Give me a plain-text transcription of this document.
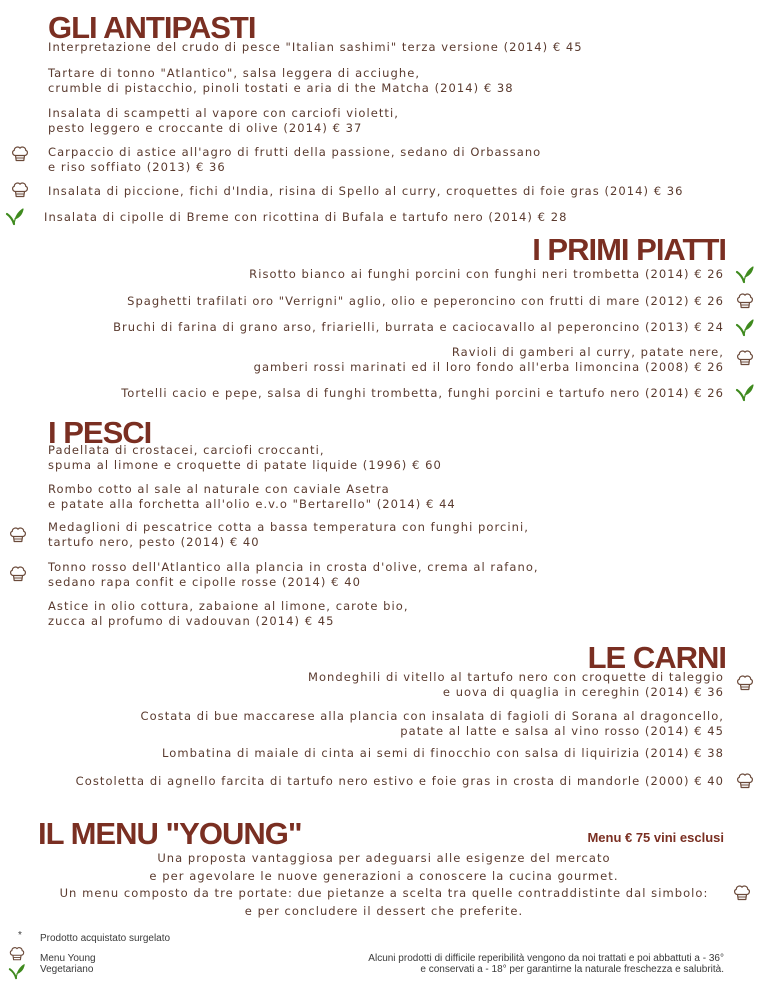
GLI ANTIPASTI

Interpretazione del crudo di pesce "Italian sashimi" terza versione (2014) € 45

Tartare di tonno "Atlantico", salsa leggera di acciughe,
crumble di pistacchio, pinoli tostati e aria di the Matcha (2014) € 38

Insalata di scampetti al vapore con carciofi violetti,
pesto leggero e croccante di olive (2014) € 37

Carpaccio di astice all'agro di frutti della passione, sedano di Orbassano
e riso soffiato (2013) € 36

Insalata di piccione, fichi d'India, risina di Spello al curry, croquettes di foie gras (2014) € 36

Insalata di cipolle di Breme con ricottina di Bufala e tartufo nero (2014) € 28

I PRIMI PIATTI

Risotto bianco ai funghi porcini con funghi neri trombetta (2014) € 26

Spaghetti trafilati oro "Verrigni" aglio, olio e peperoncino con frutti di mare (2012) € 26

Bruchi di farina di grano arso, friarielli, burrata e caciocavallo al peperoncino (2013) € 24

Ravioli di gamberi al curry, patate nere,
gamberi rossi marinati ed il loro fondo all'erba limoncina (2008) € 26

Tortelli cacio e pepe, salsa di funghi trombetta, funghi porcini e tartufo nero (2014) € 26

I PESCI

Padellata di crostacei, carciofi croccanti,
spuma al limone e croquette di patate liquide (1996) € 60

Rombo cotto al sale al naturale con caviale Asetra
e patate alla forchetta all'olio e.v.o "Bertarello" (2014) € 44

Medaglioni di pescatrice cotta a bassa temperatura con funghi porcini,
tartufo nero, pesto (2014) € 40

Tonno rosso dell'Atlantico alla plancia in crosta d'olive, crema al rafano,
sedano rapa confit e cipolle rosse (2014) € 40

Astice in olio cottura, zabaione al limone, carote bio,
zucca al profumo di vadouvan (2014) € 45

LE CARNI

Mondeghili di vitello al tartufo nero con croquette di taleggio
e uova di quaglia in cereghin (2014) € 36

Costata di bue maccarese alla plancia con insalata di fagioli di Sorana al dragoncello,
patate al latte e salsa al vino rosso (2014) € 45

Lombatina di maiale di cinta ai semi di finocchio con salsa di liquirizia (2014) € 38

Costoletta di agnello farcita di tartufo nero estivo e foie gras in crosta di mandorle (2000) € 40

IL MENU "YOUNG"	Menu € 75 vini esclusi
Una proposta vantaggiosa per adeguarsi alle esigenze del mercato
e per agevolare le nuove generazioni a conoscere la cucina gourmet.
Un menu composto da tre portate: due pietanze a scelta tra quelle contraddistinte dal simbolo:
e per concludere il dessert che preferite.
* Prodotto acquistato surgelato
Menu Young
Vegetariano
Alcuni prodotti di difficile reperibilità vengono da noi trattati e poi abbattuti a - 36°
e conservati a - 18° per garantirne la naturale freschezza e salubrità.
